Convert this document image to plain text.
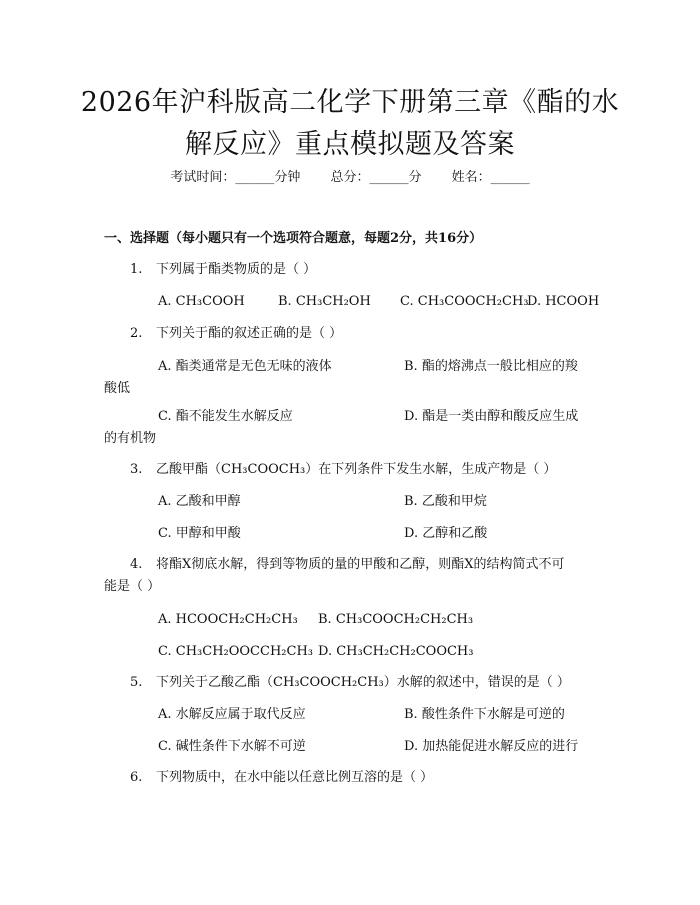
2026年沪科版高二化学下册第三章《酯的水
解反应》重点模拟题及答案
考试时间：______分钟 总分：______分 姓名：______
一、选择题（每小题只有一个选项符合题意，每题2分，共16分）
1. 下列属于酯类物质的是（ ）
A. CH₃COOH	B. CH₃CH₂OH C. CH₃COOCH₂CH₃
D. HCOOH
2. 下列关于酯的叙述正确的是（ ）
A. 酯类通常是无色无味的液体	B. 酯的熔沸点一般比相应的羧
酸低
C. 酯不能发生水解反应	D. 酯是一类由醇和酸反应生成
的有机物
3. 乙酸甲酯（CH₃COOCH₃）在下列条件下发生水解，生成产物是（ ）
A. 乙酸和甲醇	B. 乙酸和甲烷
C. 甲醇和甲酸	D. 乙醇和乙酸
4. 将酯X彻底水解，得到等物质的量的甲酸和乙醇，则酯X的结构简式不可
能是（ ）
A. HCOOCH₂CH₂CH₃ B. CH₃COOCH₂CH₂CH₃
C. CH₃CH₂OOCCH₂CH₃ D. CH₃CH₂CH₂COOCH₃
5. 下列关于乙酸乙酯（CH₃COOCH₂CH₃）水解的叙述中，错误的是（ ）
A. 水解反应属于取代反应	B. 酸性条件下水解是可逆的
C. 碱性条件下水解不可逆	D. 加热能促进水解反应的进行
6. 下列物质中，在水中能以任意比例互溶的是（ ）
